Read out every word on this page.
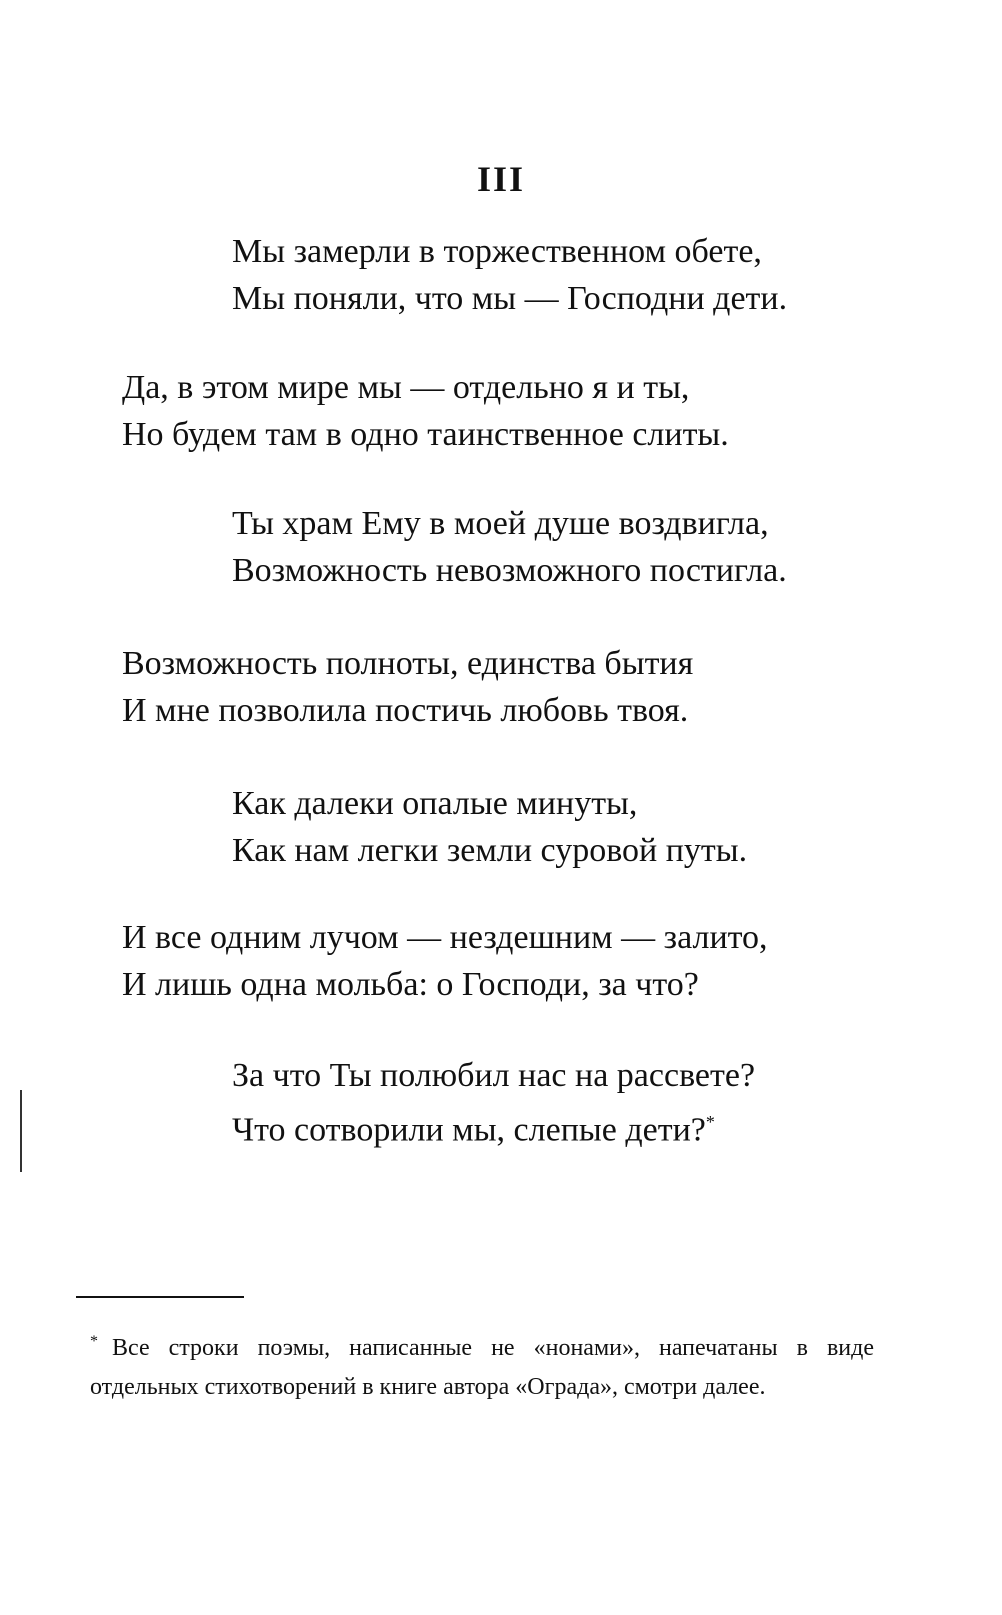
III
Мы замерли в торжественном обете,
Мы поняли, что мы — Господни дети.
Да, в этом мире мы — отдельно я и ты,
Но будем там в одно таинственное слиты.
Ты храм Ему в моей душе воздвигла,
Возможность невозможного постигла.
Возможность полноты, единства бытия
И мне позволила постичь любовь твоя.
Как далеки опалые минуты,
Как нам легки земли суровой путы.
И все одним лучом — нездешним — залито,
И лишь одна мольба: о Господи, за что?
За что Ты полюбил нас на рассвете?
Что сотворили мы, слепые дети?*
* Все строки поэмы, написанные не «нонами», напечатаны в виде отдельных стихотворений в книге автора «Ограда», смотри далее.
